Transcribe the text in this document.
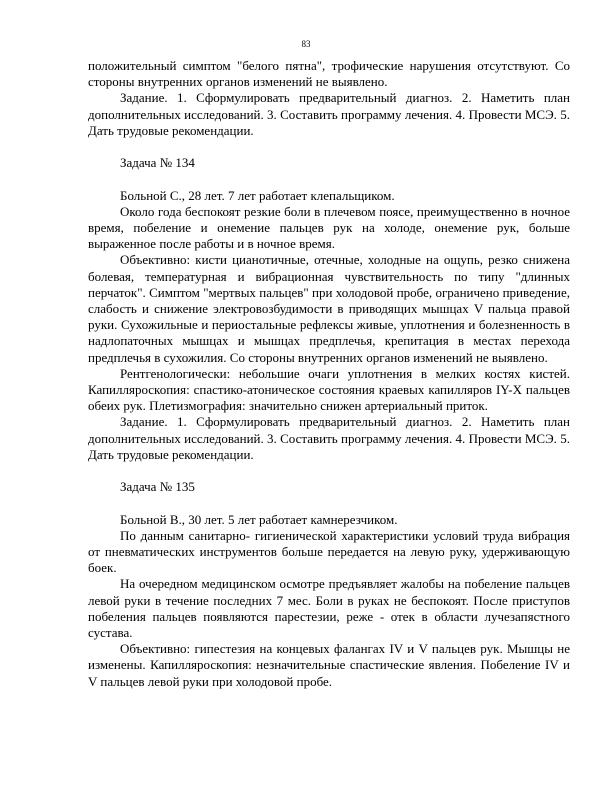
83

положительный симптом "белого пятна", трофические нарушения отсутствуют. Со стороны внутренних органов изменений не выявлено.

Задание. 1. Сформулировать предварительный диагноз. 2. Наметить план дополнительных исследований. 3. Составить программу лечения. 4. Провести МСЭ. 5. Дать трудовые рекомендации.

Задача № 134

Больной С., 28 лет. 7 лет работает клепальщиком.

Около года беспокоят резкие боли в плечевом поясе, преимущественно в ночное время, побеление и онемение пальцев рук на холоде, онемение рук, больше выраженное после работы и в ночное время.

Объективно: кисти цианотичные, отечные, холодные на ощупь, резко снижена болевая, температурная и вибрационная чувствительность по типу "длинных перчаток". Симптом "мертвых пальцев" при холодовой пробе, ограничено приведение, слабость и снижение электровозбудимости в приводящих мышцах V пальца правой руки. Сухожильные и периостальные рефлексы живые, уплотнения и болезненность в надлопаточных мышцах и мышцах предплечья, крепитация в местах перехода предплечья в сухожилия. Со стороны внутренних органов изменений не выявлено.

Рентгенологически: небольшие очаги уплотнения в мелких костях кистей. Капилляроскопия: спастико-атоническое состояния краевых капилляров IY-X пальцев обеих рук. Плетизмография: значительно снижен артериальный приток.

Задание. 1. Сформулировать предварительный диагноз. 2. Наметить план дополнительных исследований. 3. Составить программу лечения. 4. Провести МСЭ. 5. Дать трудовые рекомендации.

Задача № 135

Больной В., 30 лет. 5 лет работает камнерезчиком.

По данным санитарно- гигиенической характеристики условий труда вибрация от пневматических инструментов больше передается на левую руку, удерживающую боек.

На очередном медицинском осмотре предъявляет жалобы на побеление пальцев левой руки в течение последних 7 мес. Боли в руках не беспокоят. После приступов побеления пальцев появляются парестезии, реже - отек в области лучезапястного сустава.

Объективно: гипестезия на концевых фалангах IV и V пальцев рук. Мышцы не изменены. Капилляроскопия: незначительные спастические явления. Побеление IV и V пальцев левой руки при холодовой пробе.
